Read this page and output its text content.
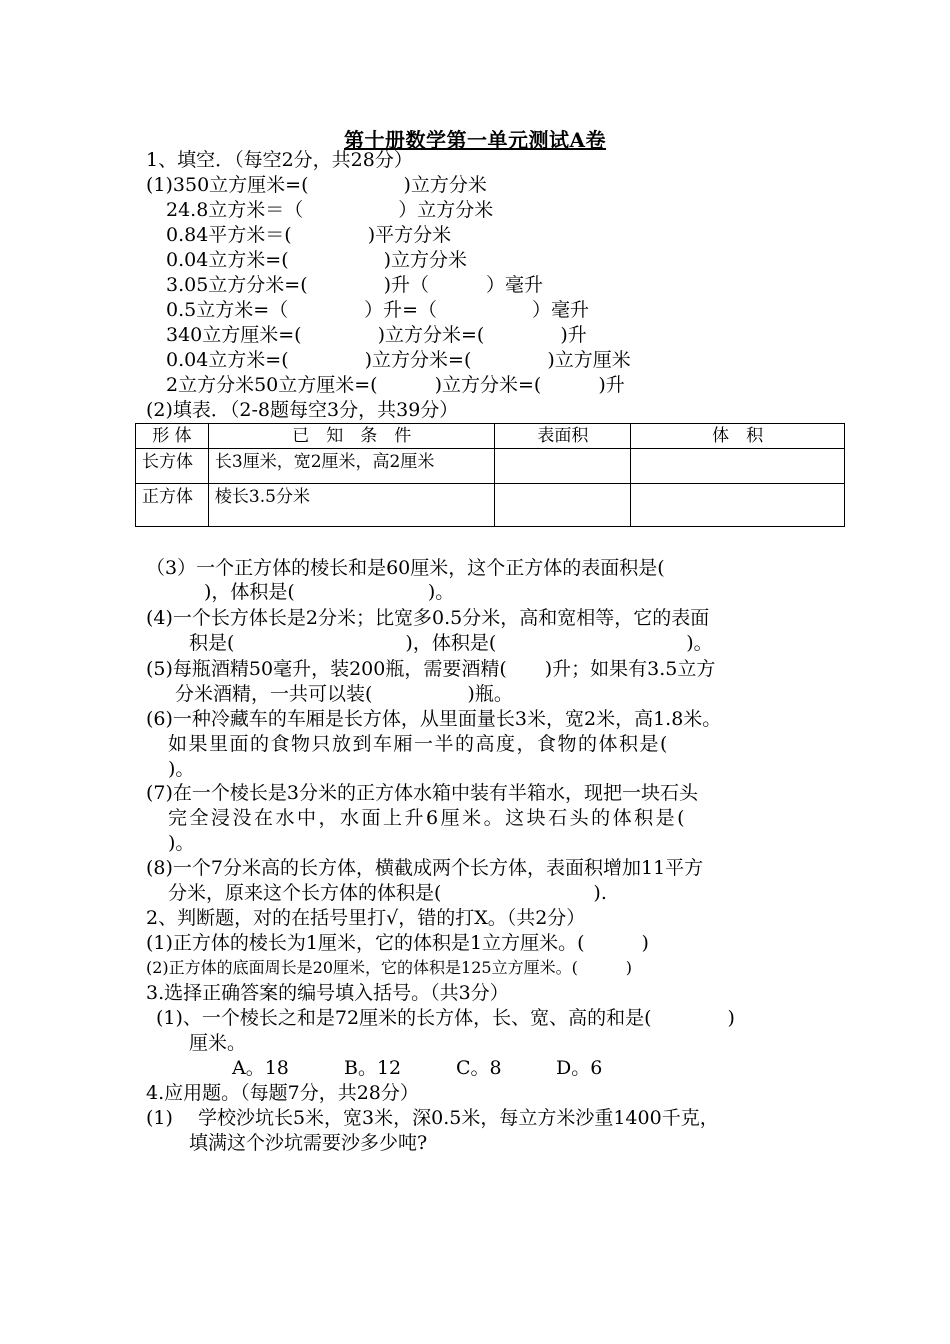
第十册数学第一单元测试A卷
1、填空．（每空2分，共28分）
(1)350立方厘米=(　　　　　)立方分米
24.8立方米＝（　　　　　）立方分米
0.84平方米＝(　　　　)平方分米
0.04立方米=(　　　　　)立方分米
3.05立方分米=(　　　　)升（　　　）毫升
0.5立方米=（　　　　）升=（　　　　　）毫升
340立方厘米=(　　　　)立方分米=(　　　　)升
0.04立方米=(　　　　)立方分米=(　　　　)立方厘米
2立方分米50立方厘米=(　　　)立方分米=(　　　)升
(2)填表．（2-8题每空3分，共39分）
形 体	已　知　条　件	表面积	体　积
长方体	长3厘米，宽2厘米，高2厘米		
正方体	棱长3.5分米		
（3）一个正方体的棱长和是60厘米，这个正方体的表面积是(
　　)，体积是(　　　　　　　)。
(4)一个长方体长是2分米；比宽多0.5分米，高和宽相等，它的表面
积是(　　　　　　　　　)，体积是(　　　　　　　　　　)。
(5)每瓶酒精50毫升，装200瓶，需要酒精(　　)升；如果有3.5立方
分米酒精，一共可以装(　　　　　)瓶。
(6)一种冷藏车的车厢是长方体，从里面量长3米，宽2米，高1.8米。
如果里面的食物只放到车厢一半的高度，食物的体积是(
)。
(7)在一个棱长是3分米的正方体水箱中装有半箱水，现把一块石头
完全浸没在水中，水面上升6厘米。这块石头的体积是(
)。
(8)一个7分米高的长方体，横截成两个长方体，表面积增加11平方
分米，原来这个长方体的体积是(　　　　　　　　).
2、判断题，对的在括号里打√，错的打X。（共2分）
(1)正方体的棱长为1厘米，它的体积是1立方厘米。(　　　)
(2)正方体的底面周长是20厘米，它的体积是125立方厘米。(　　　)
3.选择正确答案的编号填入括号。（共3分）
(1)、一个棱长之和是72厘米的长方体，长、宽、高的和是(　　　　)
厘米。
A。18	B。12	C。8	D。6
4.应用题。（每题7分，共28分）
(1)　 学校沙坑长5米，宽3米，深0.5米，每立方米沙重1400千克，
填满这个沙坑需要沙多少吨?
